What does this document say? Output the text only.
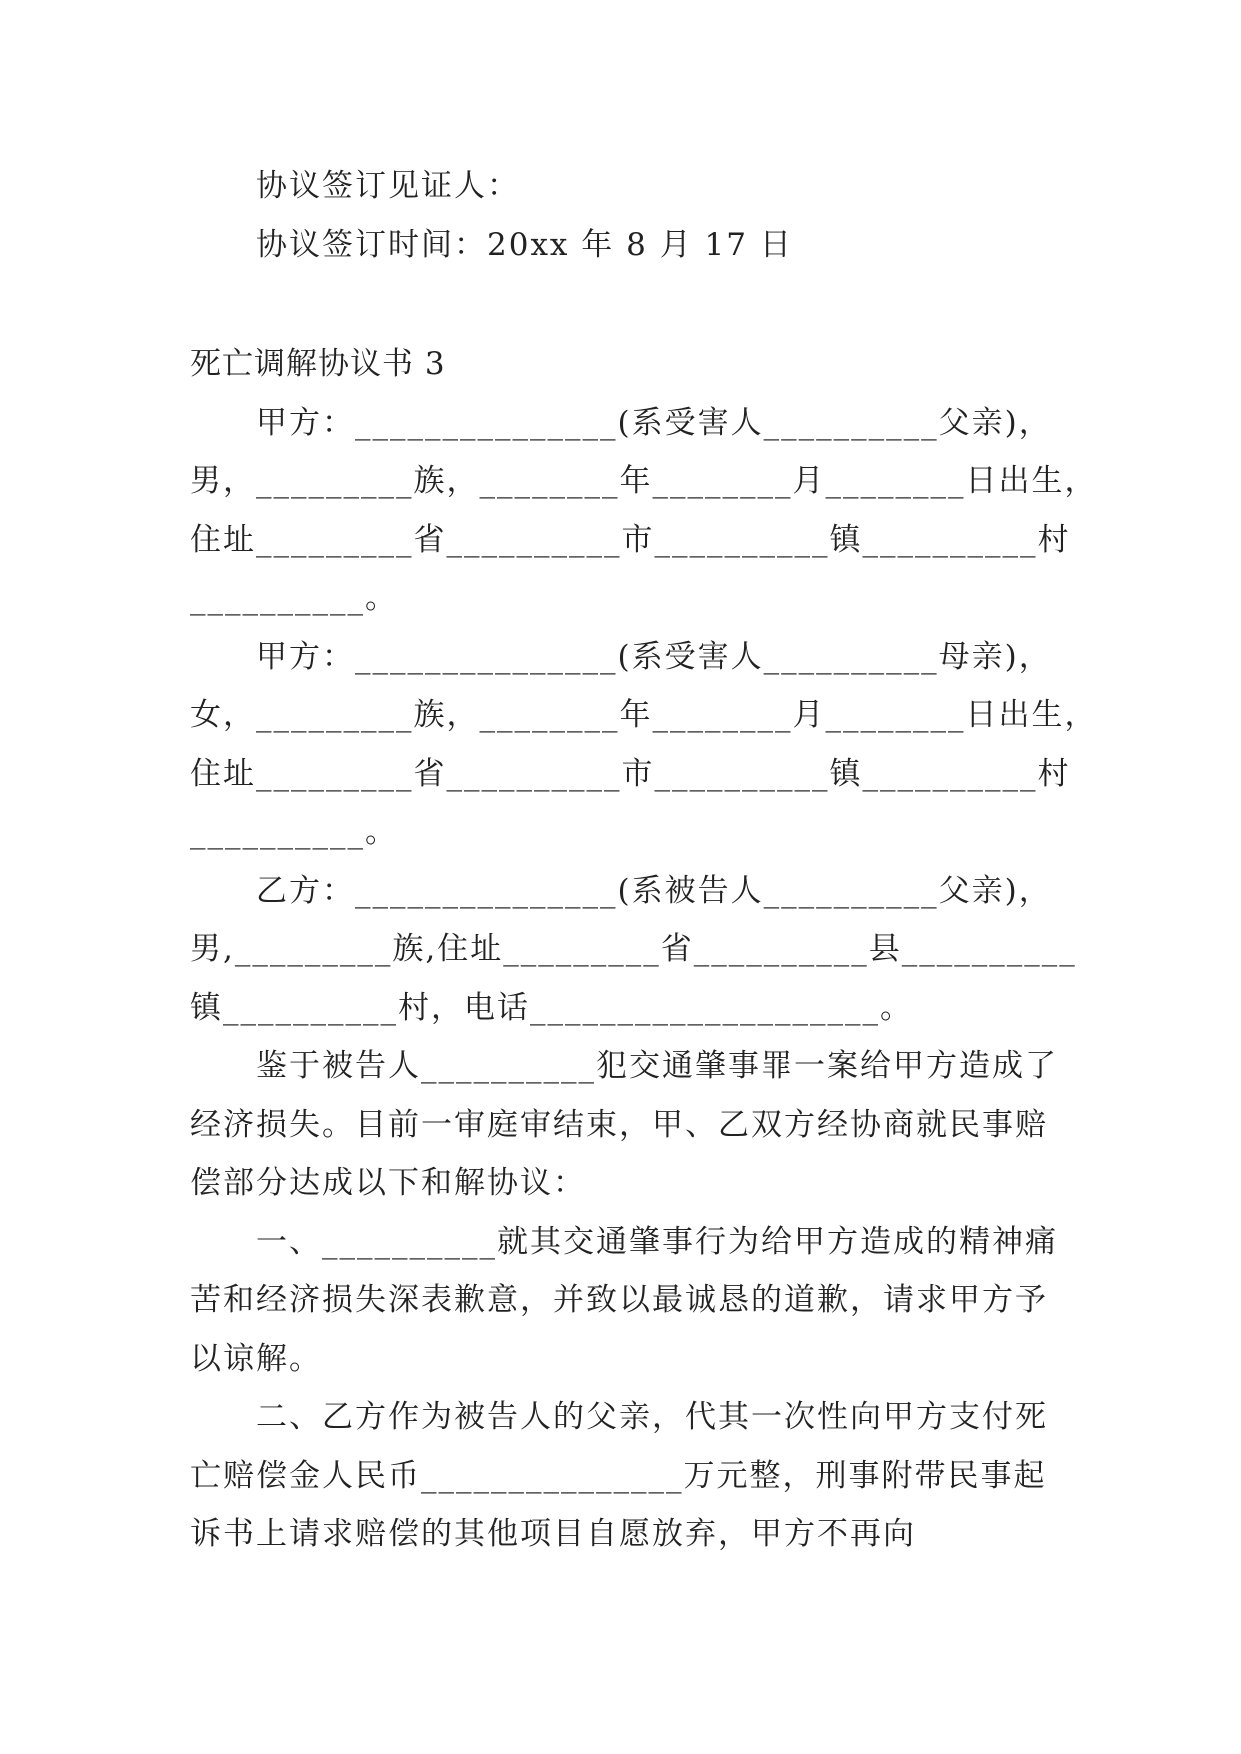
协议签订见证人：
协议签订时间：20xx 年 8 月 17 日
死亡调解协议书 3
甲方：_______________(系受害人__________父亲)，
男，_________族，________年________月________日出生，
住址_________省__________市__________镇__________村
__________。
甲方：_______________(系受害人__________母亲)，
女，_________族，________年________月________日出生，
住址_________省__________市__________镇__________村
__________。
乙方：_______________(系被告人__________父亲)，
男,_________族,住址_________省__________县__________
镇__________村，电话____________________。
鉴于被告人__________犯交通肇事罪一案给甲方造成了
经济损失。目前一审庭审结束，甲、乙双方经协商就民事赔
偿部分达成以下和解协议：
一、__________就其交通肇事行为给甲方造成的精神痛
苦和经济损失深表歉意，并致以最诚恳的道歉，请求甲方予
以谅解。
二、乙方作为被告人的父亲，代其一次性向甲方支付死
亡赔偿金人民币_______________万元整，刑事附带民事起
诉书上请求赔偿的其他项目自愿放弃，甲方不再向
